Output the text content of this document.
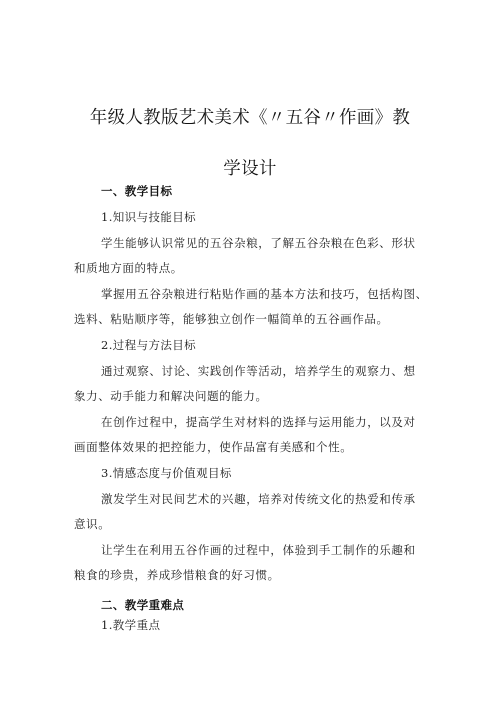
年级人教版艺术美术《〃五谷〃作画》教
学设计
一、教学目标
1.知识与技能目标
学生能够认识常见的五谷杂粮，了解五谷杂粮在色彩、形状
和质地方面的特点。
掌握用五谷杂粮进行粘贴作画的基本方法和技巧，包括构图、
选料、粘贴顺序等，能够独立创作一幅简单的五谷画作品。
2.过程与方法目标
通过观察、讨论、实践创作等活动，培养学生的观察力、想
象力、动手能力和解决问题的能力。
在创作过程中，提高学生对材料的选择与运用能力，以及对
画面整体效果的把控能力，使作品富有美感和个性。
3.情感态度与价值观目标
激发学生对民间艺术的兴趣，培养对传统文化的热爱和传承
意识。
让学生在利用五谷作画的过程中，体验到手工制作的乐趣和
粮食的珍贵，养成珍惜粮食的好习惯。
二、教学重难点
1.教学重点
